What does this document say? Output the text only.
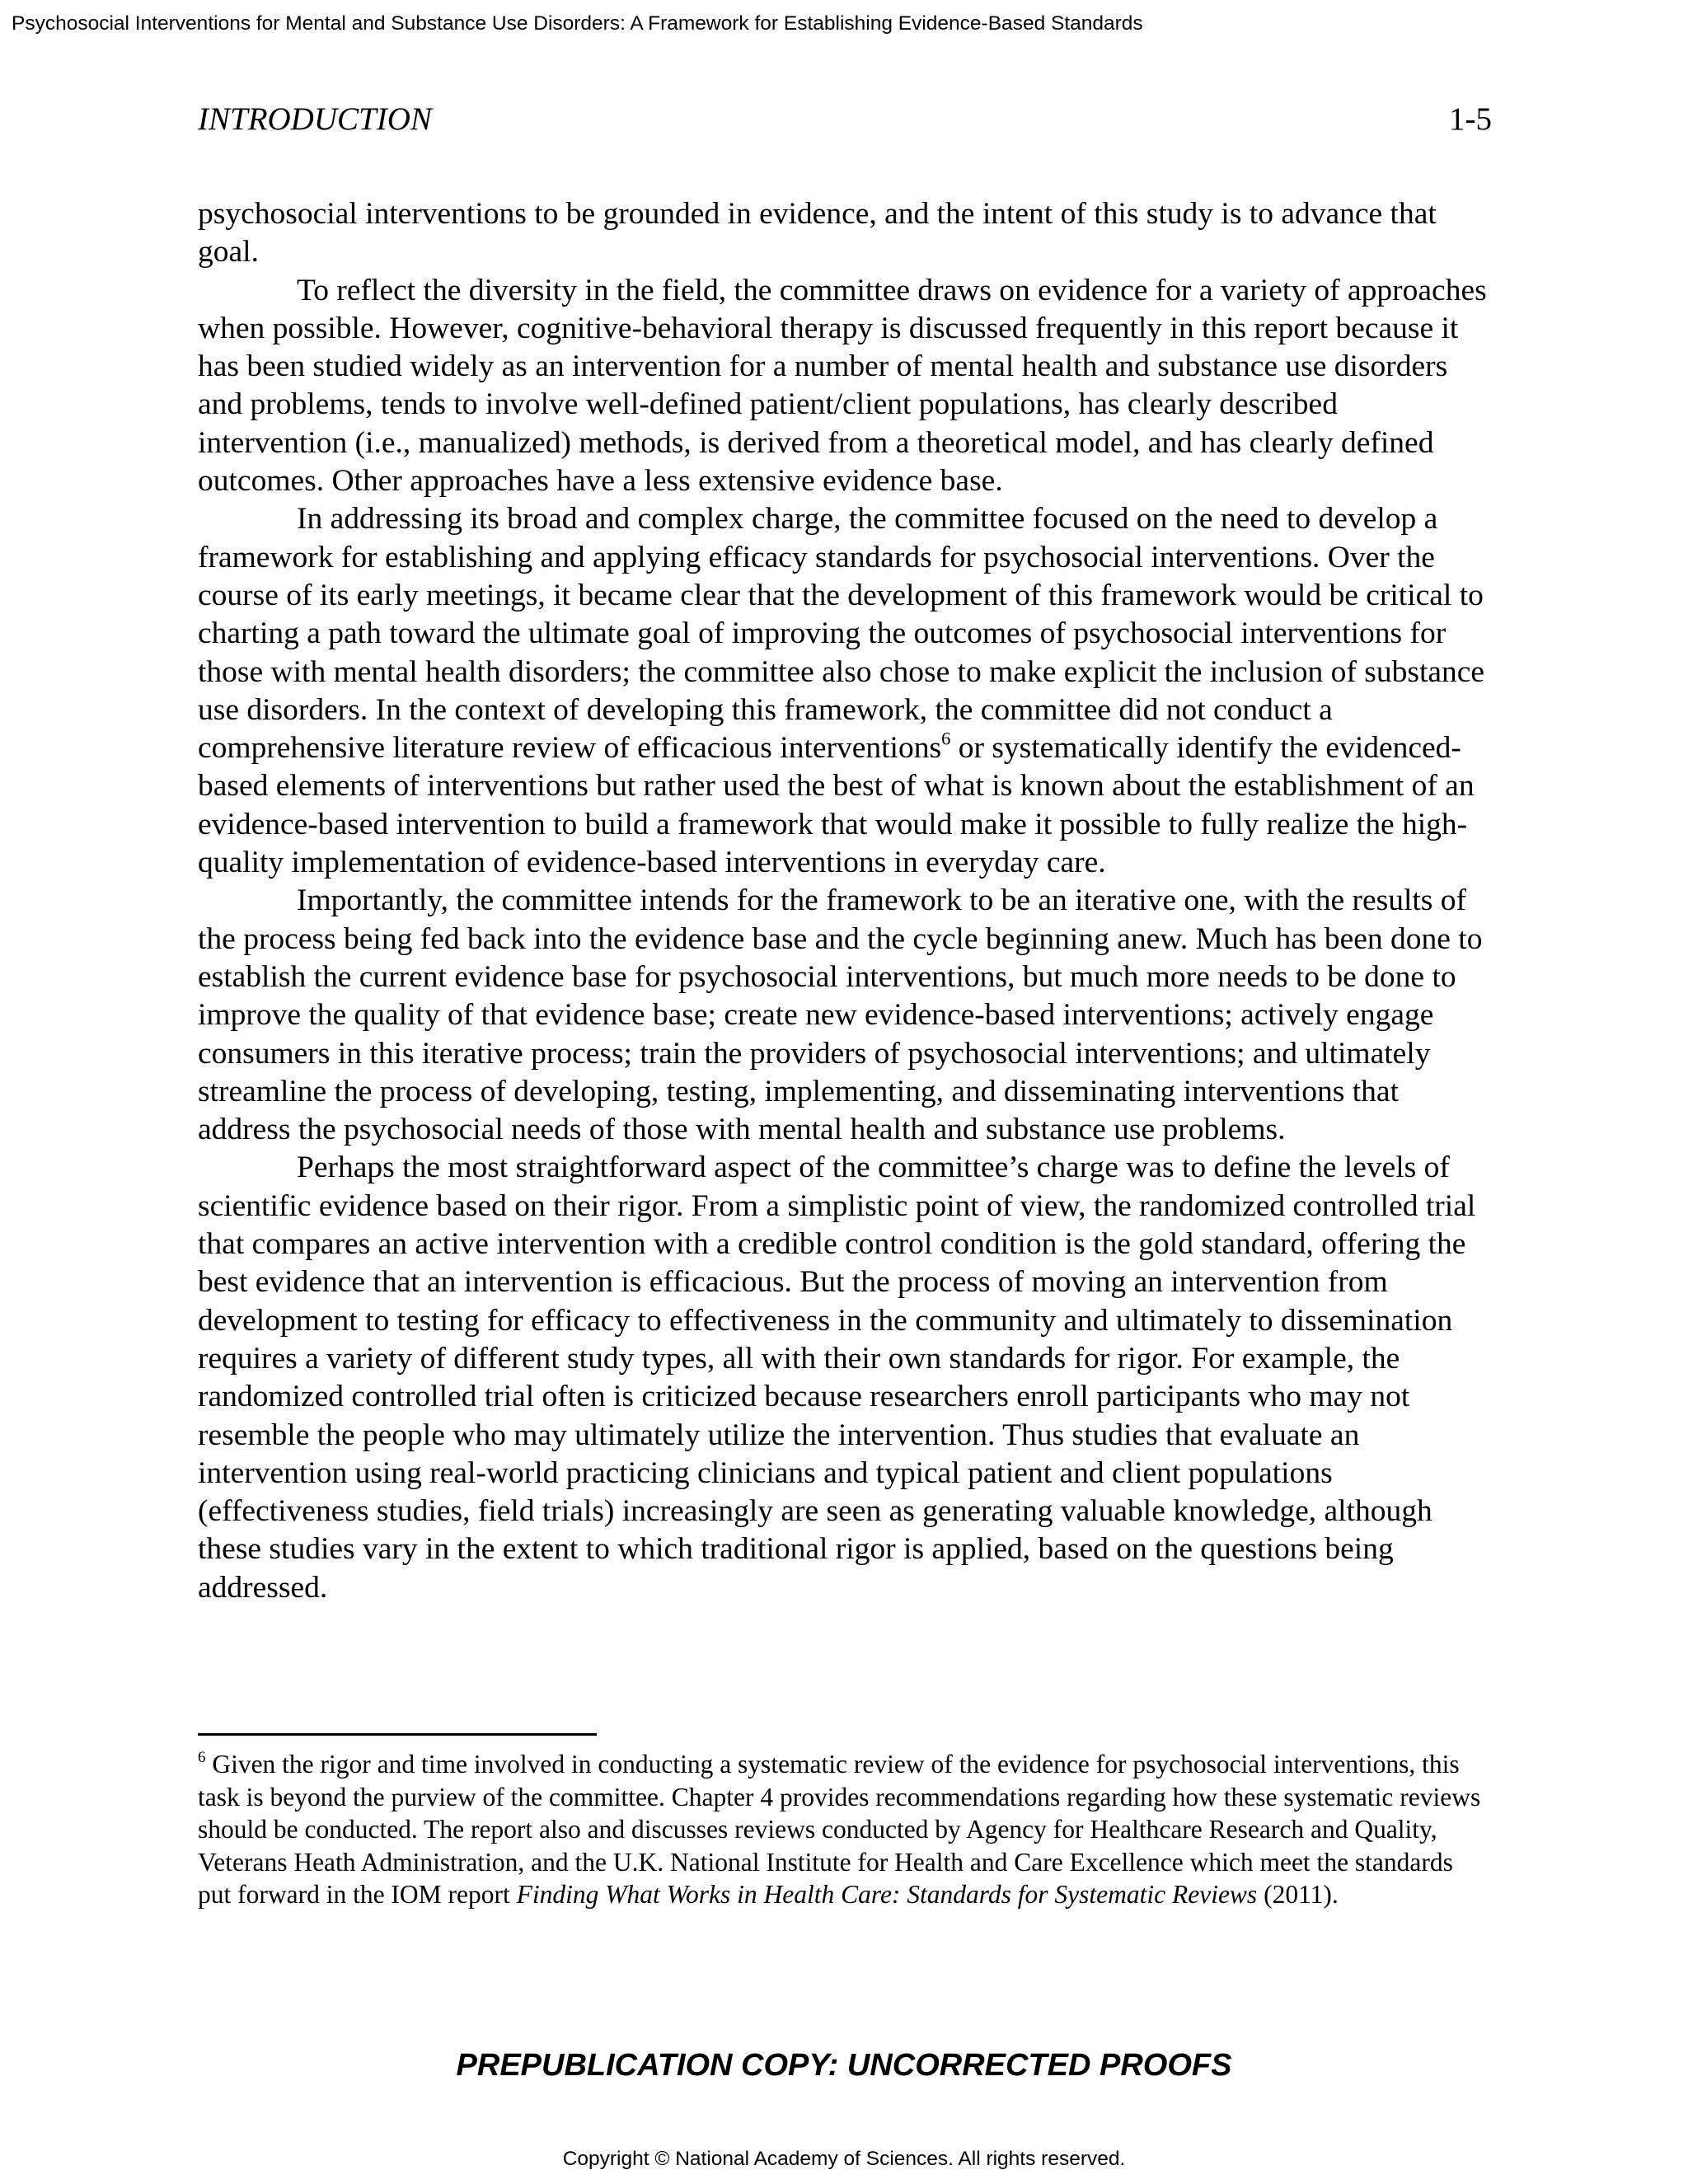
Psychosocial Interventions for Mental and Substance Use Disorders: A Framework for Establishing Evidence-Based Standards
INTRODUCTION	1-5

psychosocial interventions to be grounded in evidence, and the intent of this study is to advance that goal.

To reflect the diversity in the field, the committee draws on evidence for a variety of approaches when possible. However, cognitive-behavioral therapy is discussed frequently in this report because it has been studied widely as an intervention for a number of mental health and substance use disorders and problems, tends to involve well-defined patient/client populations, has clearly described intervention (i.e., manualized) methods, is derived from a theoretical model, and has clearly defined outcomes. Other approaches have a less extensive evidence base.

In addressing its broad and complex charge, the committee focused on the need to develop a framework for establishing and applying efficacy standards for psychosocial interventions. Over the course of its early meetings, it became clear that the development of this framework would be critical to charting a path toward the ultimate goal of improving the outcomes of psychosocial interventions for those with mental health disorders; the committee also chose to make explicit the inclusion of substance use disorders. In the context of developing this framework, the committee did not conduct a comprehensive literature review of efficacious interventions$^6$ or systematically identify the evidenced-based elements of interventions but rather used the best of what is known about the establishment of an evidence-based intervention to build a framework that would make it possible to fully realize the high-quality implementation of evidence-based interventions in everyday care.

Importantly, the committee intends for the framework to be an iterative one, with the results of the process being fed back into the evidence base and the cycle beginning anew. Much has been done to establish the current evidence base for psychosocial interventions, but much more needs to be done to improve the quality of that evidence base; create new evidence-based interventions; actively engage consumers in this iterative process; train the providers of psychosocial interventions; and ultimately streamline the process of developing, testing, implementing, and disseminating interventions that address the psychosocial needs of those with mental health and substance use problems.

Perhaps the most straightforward aspect of the committee’s charge was to define the levels of scientific evidence based on their rigor. From a simplistic point of view, the randomized controlled trial that compares an active intervention with a credible control condition is the gold standard, offering the best evidence that an intervention is efficacious. But the process of moving an intervention from development to testing for efficacy to effectiveness in the community and ultimately to dissemination requires a variety of different study types, all with their own standards for rigor. For example, the randomized controlled trial often is criticized because researchers enroll participants who may not resemble the people who may ultimately utilize the intervention. Thus studies that evaluate an intervention using real-world practicing clinicians and typical patient and client populations (effectiveness studies, field trials) increasingly are seen as generating valuable knowledge, although these studies vary in the extent to which traditional rigor is applied, based on the questions being addressed.

$^6$ Given the rigor and time involved in conducting a systematic review of the evidence for psychosocial interventions, this task is beyond the purview of the committee. Chapter 4 provides recommendations regarding how these systematic reviews should be conducted. The report also and discusses reviews conducted by Agency for Healthcare Research and Quality, Veterans Heath Administration, and the U.K. National Institute for Health and Care Excellence which meet the standards put forward in the IOM report Finding What Works in Health Care: Standards for Systematic Reviews (2011).

PREPUBLICATION COPY: UNCORRECTED PROOFS
Copyright © National Academy of Sciences. All rights reserved.
